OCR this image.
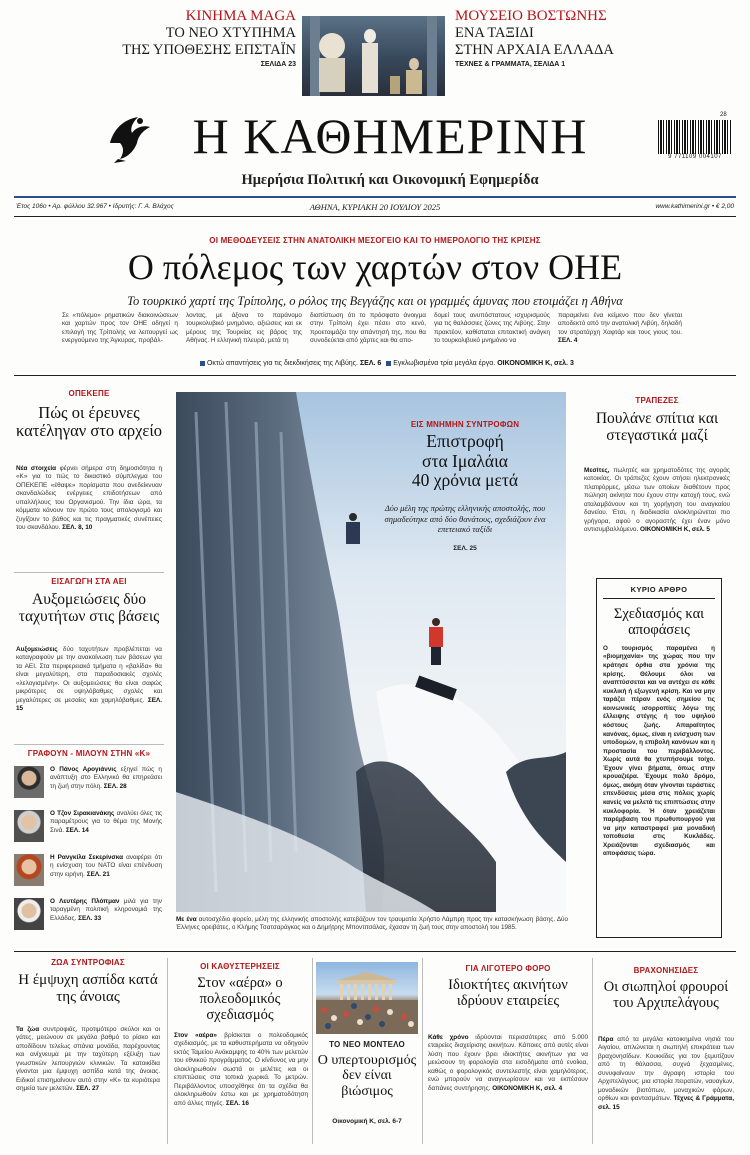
ΚΙΝΗΜΑ MAGA
ΤΟ ΝΕΟ ΧΤΥΠΗΜΑ
ΤΗΣ ΥΠΟΘΕΣΗΣ ΕΠΣΤΑΪΝ
ΣΕΛΙΔΑ 23
ΜΟΥΣΕΙΟ ΒΟΣΤΩΝΗΣ
ΕΝΑ ΤΑΞΙΔΙ
ΣΤΗΝ ΑΡΧΑΙΑ ΕΛΛΑΔΑ
ΤΕΧΝΕΣ & ΓΡΑΜΜΑΤΑ, ΣΕΛΙΔΑ 1
Η ΚΑΘΗΜΕΡΙΝΗ
Ημερήσια Πολιτική και Οικονομική Εφημερίδα
9 771109 004107
28
Έτος 106ο • Αρ. φύλλου 32.967 • Ιδρυτής: Γ. Α. Βλάχος	ΑΘΗΝΑ, ΚΥΡΙΑΚΗ 20 ΙΟΥΛΙΟΥ 2025	www.kathimerini.gr • € 2,00
ΟΙ ΜΕΘΟΔΕΥΣΕΙΣ ΣΤΗΝ ΑΝΑΤΟΛΙΚΗ ΜΕΣΟΓΕΙΟ ΚΑΙ ΤΟ ΗΜΕΡΟΛΟΓΙΟ ΤΗΣ ΚΡΙΣΗΣ
Ο πόλεμος των χαρτών στον ΟΗΕ
Το τουρκικό χαρτί της Τρίπολης, ο ρόλος της Βεγγάζης και οι γραμμές άμυνας που ετοιμάζει η Αθήνα
Σε «πόλεμο» ρηματικών διακοινώσεων και χαρτών προς τον ΟΗΕ οδηγεί η επιλογή της Τρίπολης να λειτουργεί ως ενεργούμενο της Άγκυρας, προβάλ-
λοντας, με άξονα το παράνομο τουρκολυβικό μνημόνιο, αξιώσεις και εκ μέρους της Τουρκίας εις βάρος της Αθήνας. Η ελληνική πλευρά, μετά τη
διαπίστωση ότι το πρόσφατο άνοιγμα στην Τρίπολη έχει πέσει στο κενό, προετοιμάζει την απάντησή της, που θα συνοδεύεται από χάρτες και θα απο-
δομεί τους ανυπόστατους ισχυρισμούς για τις θαλάσσιες ζώνες της Λιβύης. Στην πρακτέον, καθίσταται επιτακτική ανάγκη το τουρκολιβυκό μνημόνιο να
παραμείνει ένα κείμενο που δεν γίνεται αποδεκτό από την ανατολική Λιβύη, δηλαδή τον στρατάρχη Χαφτάρ και τους γιους του. ΣΕΛ. 4
Οκτώ απαντήσεις για τις διεκδικήσεις της Λιβύης. ΣΕΛ. 6 Εγκλωβισμένα τρία μεγάλα έργα. ΟΙΚΟΝΟΜΙΚΗ Κ, σελ. 3
ΟΠΕΚΕΠΕ
Πώς οι έρευνες κατέληγαν στο αρχείο
Νέα στοιχεία φέρνει σήμερα στη δημοσιότητα η «Κ» για το πώς το δικαστικό σύμπλεγμα του ΟΠΕΚΕΠΕ «έθαψε» πορίσματα που ανεδείκνυαν σκανδαλώδεις ενέργειες επιδοτήσεων από υπαλλήλους του Οργανισμού. Την ίδια ώρα, τα κόμματα κάνουν τον πρώτο τους απολογισμό και ζυγίζουν το βάθος και τις πραγματικές συνέπειες του σκανδάλου. ΣΕΛ. 8, 10
ΕΙΣΑΓΩΓΗ ΣΤΑ ΑΕΙ
Αυξομειώσεις δύο ταχυτήτων στις βάσεις
Αυξομειώσεις δύο ταχυτήτων προβλέπεται να καταγραφούν με την ανακοίνωση των βάσεων για τα ΑΕΙ. Στα περιφερειακά τμήματα η «βαλίδα» θα είναι μεγαλύτερη, στα παραδοσιακές σχολές «λελογισμένη». Οι αυξομειώσεις θα είναι σαφώς μικρότερες σε υψηλόβαθμες σχολές και μεγαλύτερες σε μεσαίες και χαμηλόβαθμες. ΣΕΛ. 15
ΓΡΑΦΟΥΝ - ΜΙΛΟΥΝ ΣΤΗΝ «Κ»
Ο Πάνος Αρογιάννις εξηγεί πώς η ανάπτυξη στο Ελληνικό θα επηρεάσει τη ζωή στην πόλη. ΣΕΛ. 28
Ο Τζον Σιρακιανάκης αναλύει όλες τις παραμέτρους για το θέμα της Μονής Σινά. ΣΕΛ. 14
Η Ρανγκίλα Σεκερίνσκα αναφέρει ότι η ενίσχυση του ΝΑΤΟ είναι επένδυση στην ειρήνη. ΣΕΛ. 21
Ο Λευτέρης Πλόπμαν μιλά για την ταραγμένη πολιτική κληρονομιά της Ελλάδας. ΣΕΛ. 33
ΕΙΣ ΜΝΗΜΗΝ ΣΥΝΤΡΟΦΩΝ
Επιστροφή
στα Ιμαλάια
40 χρόνια μετά
Δύο μέλη της πρώτης ελληνικής αποστολής, που σημαδεύτηκε από δύο θανάτους, σχεδιάζουν ένα επετειακό ταξίδι
ΣΕΛ. 25
Με ένα αυτοσχέδιο φορείο, μέλη της ελληνικής αποστολής κατεβάζουν τον τραυματία Χρήστο Λάμπρη προς την κατασκήνωση βάσης. Δύο Έλληνες ορειβάτες, ο Κλήμης Τσατσαράγκος και ο Δημήτρης Μποντιτσάλας, έχασαν τη ζωή τους στην αποστολή του 1985.
ΤΡΑΠΕΖΕΣ
Πουλάνε σπίτια και στεγαστικά μαζί
Μεσίτες, πωλητές και χρηματοδότες της αγοράς κατοικίας. Οι τράπεζες έχουν στήσει ηλεκτρονικές πλατφόρμες, μέσω των οποίων διαθέτουν προς πώληση ακίνητα που έχουν στην κατοχή τους, ενώ αταλαμβάνουν και τη χορήγηση του αναγκαίου δανείου. Έτσι, η διαδικασία ολοκληρώνεται πιο γρήγορα, αφού ο αγοραστής έχει έναν μόνο αντισυμβαλλόμενο. ΟΙΚΟΝΟΜΙΚΗ Κ, σελ. 5
ΚΥΡΙΟ ΑΡΘΡΟ
Σχεδιασμός και αποφάσεις
Ο τουρισμός παραμένει η «βιομηχανία» της χώρας που την κράτησε όρθια στα χρόνια της κρίσης. Θέλουμε όλοι να αναπτύσσεται και να αντέχει σε κάθε κυκλική ή εξωγενή κρίση. Και να μην ταράζει πέραν ενός σημείου τις κοινωνικές ισορροπίες λόγω της έλλειψης στέγης ή του υψηλού κόστους ζωής. Απαραίτητος κανόνας, όμως, είναι η ενίσχυση των υποδομών, η επιβολή κανόνων και η προστασία του περιβάλλοντος. Χωρίς αυτά θα χτυπήσουμε τοίχο. Έχουν γίνει βήματα, όπως στην κρουαζιέρα. Έχουμε πολύ δρόμο, όμως, ακόμη όταν γίνονται τεράστιες επενδύσεις μέσα στις πόλεις χωρίς κανείς να μελετά τις επιπτώσεις στην κυκλοφορία. Ή όταν χρειάζεται παρέμβαση του πρωθυπουργού για να μην καταστραφεί μια μοναδική τοποθεσία στις Κυκλάδες. Χρειάζονται σχεδιασμός και αποφάσεις τώρα.
ΖΩΑ ΣΥΝΤΡΟΦΙΑΣ
Η έμψυχη ασπίδα κατά της άνοιας
Τα ζώα συντροφιάς, προτιμότερο σκύλοι και οι γάτες, μειώνουν σε μεγάλο βαθμό το ρίσκο και αποδίδουν τελείως σπάνια μονάδα, παρέχουντας και ανίχνευμα με την ταχύτερη εξέλιξη των γνωστικών λειτουργιών κλινικών. Τα κατοικίδια γίνονται μια έμψυχη ασπίδα κατά της άνοιας. Ειδικοί επισημαίνουν αυτό στην «Κ» τα κυριότερα σημεία των μελετών. ΣΕΛ. 27
ΟΙ ΚΑΘΥΣΤΕΡΗΣΕΙΣ
Στον «αέρα» ο πολεοδομικός σχεδιασμός
Στον «αέρα» βρίσκεται ο πολεοδομικός σχεδιασμός, με τα καθυστερήματα να οδηγούν εκτός Ταμείου Ανάκαμψης το 40% των μελετών του εθνικού προγράμματος. Ο κίνδυνος να μην ολοκληρωθούν σωστά οι μελέτες και οι επιπτώσεις στα τοπικά χωρικά. Το μετρών. Περιβάλλοντος υποσχέθηκε ότι τα σχέδια θα ολοκληρωθούν έστω και με χρηματοδότηση από άλλες πηγές. ΣΕΛ. 16
ΤΟ ΝΕΟ ΜΟΝΤΕΛΟ
Ο υπερτουρισμός δεν είναι βιώσιμος
Οικονομική Κ, σελ. 6-7
ΓΙΑ ΛΙΓΟΤΕΡΟ ΦΟΡΟ
Ιδιοκτήτες ακινήτων ιδρύουν εταιρείες
Κάθε χρόνο ιδρύονται περισσότερες από 5.000 εταιρείες διαχείρισης ακινήτων. Κάποιες από αυτές είναι λύση που έχουν βρει ιδιοκτήτες ακινήτων για να μειώσουν τη φορολογία στα εισοδήματα από ενοίκια, καθώς ο φορολογικός συντελεστής είναι χαμηλότερος, ενώ μπορούν να αναγνωρίσουν και να εκπέσουν δαπάνες συντήρησης. ΟΙΚΟΝΟΜΙΚΗ Κ, σελ. 4
ΒΡΑΧΟΝΗΣΙΔΕΣ
Οι σιωπηλοί φρουροί του Αρχιπελάγους
Πέρα από τα μεγάλα κατοικημένα νησιά του Αιγαίου, απλώνεται η σιωπηλή επικράτεια των βραχονησίδων. Κουκκίδες για τον ξεμυτίζουν από τη θάλασσα, συχνά ξεχασμένες, συνυφαίνουν την άγραφη ιστορία του Αρχιπελάγους: μια ιστορία πειρατών, ναυαγίων, μοναδικών βιοτόπων, μοναχικών φάρων, ορθίων και φαντασμάτων. Τέχνες & Γράμματα, σελ. 15
